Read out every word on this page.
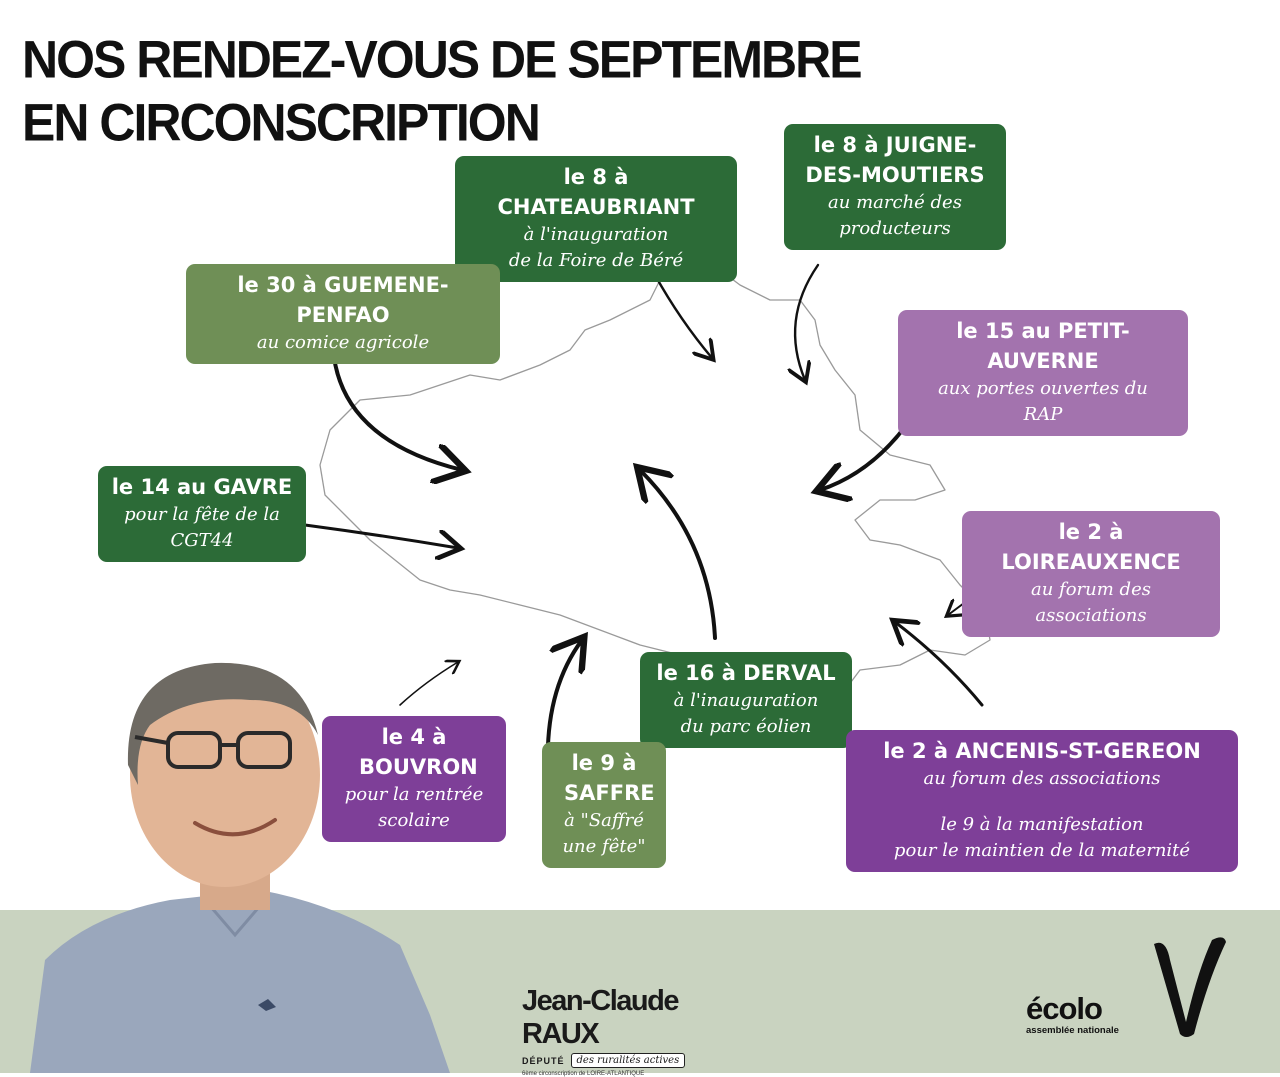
NOS RENDEZ-VOUS DE SEPTEMBRE EN CIRCONSCRIPTION
le 8 à CHATEAUBRIANT
à l'inauguration
de la Foire de Béré
le 8 à JUIGNE-DES-MOUTIERS
au marché des
producteurs
le 30 à GUEMENE-PENFAO
au comice agricole	le 15 au PETIT-AUVERNE
aux portes ouvertes du
RAP
le 14 au GAVRE
pour la fête de la
CGT44	le 2 à LOIREAUXENCE
au forum des
associations
le 16 à DERVAL
à l'inauguration
du parc éolien
le 4 à BOUVRON
pour la rentrée
scolaire
le 9 à SAFFRE
à "Saffré
une fête"
le 2 à ANCENIS-ST-GEREON
au forum des associations
le 9 à la manifestation
pour le maintien de la maternité
Jean-Claude RAUX
DÉPUTÉ	des ruralités actives
6ème circonscription de LOIRE-ATLANTIQUE
écolo
assemblée nationale
